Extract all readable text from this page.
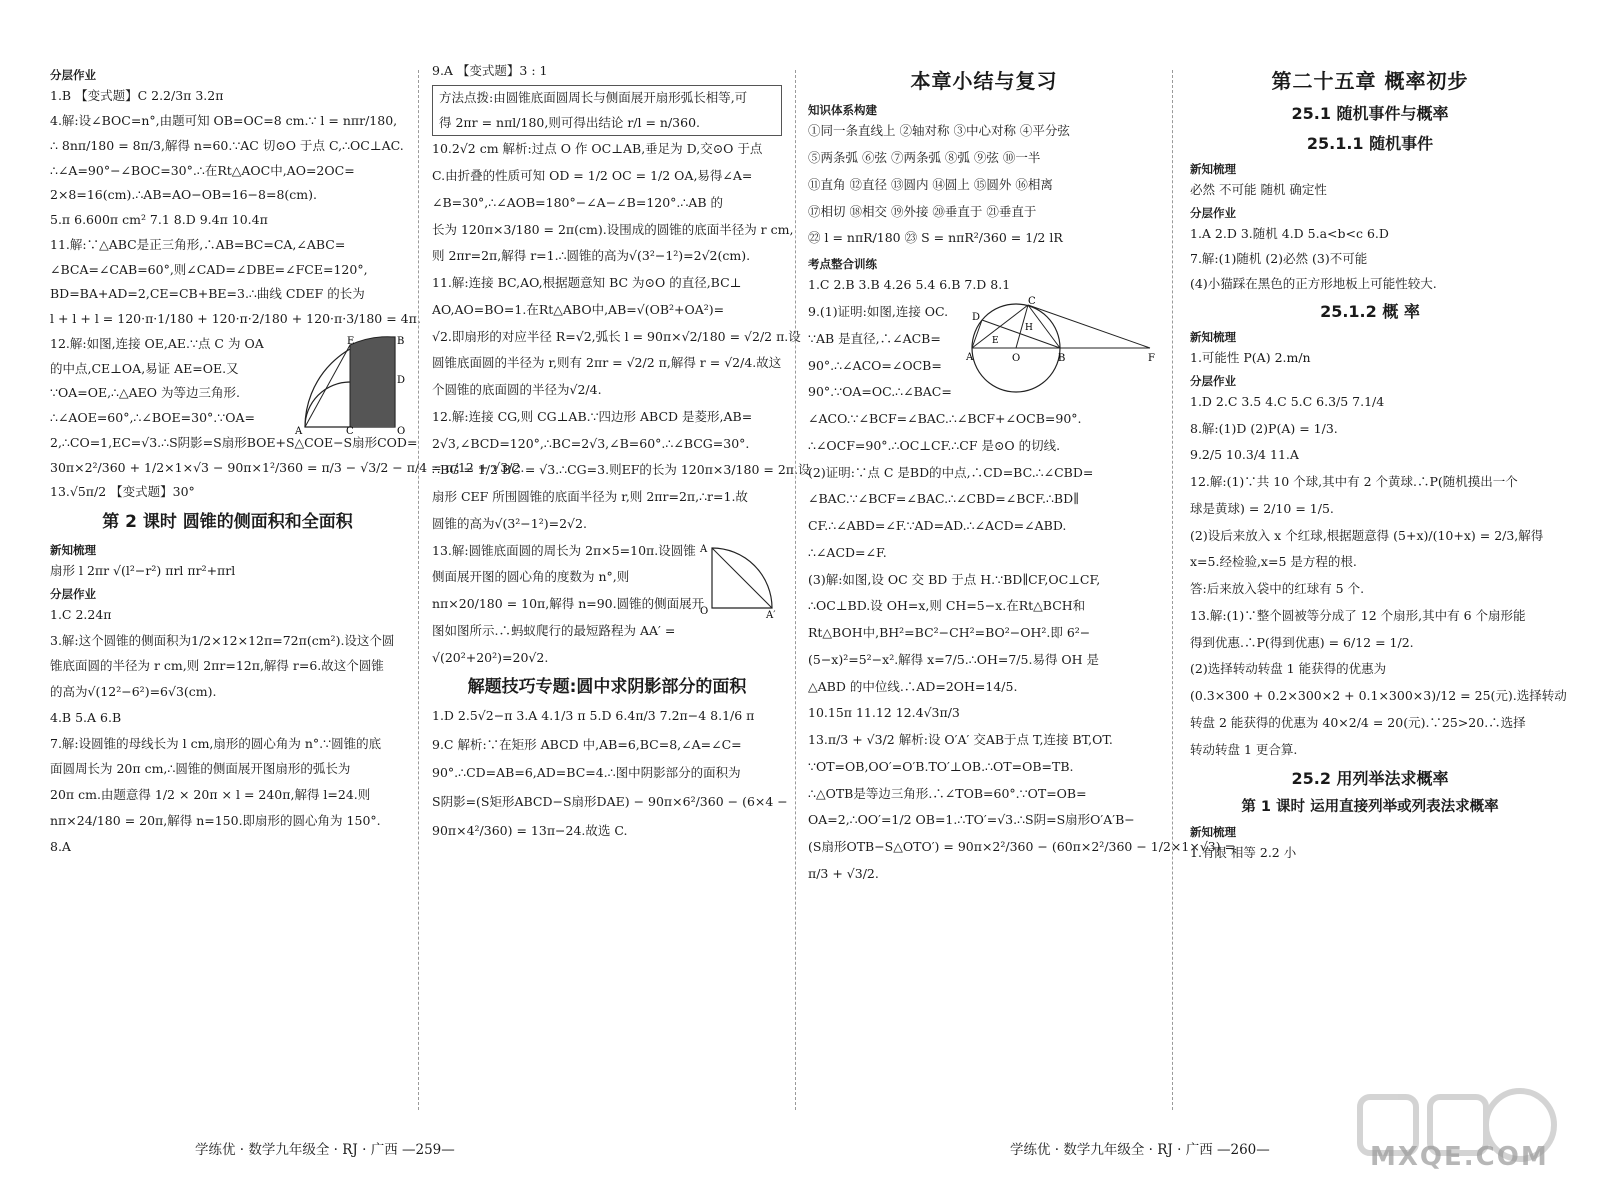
分层作业

1.B 【变式题】C 2.2/3π 3.2π

4.解:设∠BOC=n°,由题可知 OB=OC=8 cm.∵ l = nπr/180,

∴ 8nπ/180 = 8π/3,解得 n=60.∵AC 切⊙O 于点 C,∴OC⊥AC.

∴∠A=90°−∠BOC=30°.∴在Rt△AOC中,AO=2OC=

2×8=16(cm).∴AB=AO−OB=16−8=8(cm).

5.π 6.600π cm² 7.1 8.D 9.4π 10.4π

11.解:∵△ABC是正三角形,∴AB=BC=CA,∠ABC=

∠BCA=∠CAB=60°,则∠CAD=∠DBE=∠FCE=120°,

BD=BA+AD=2,CE=CB+BE=3.∴曲线 CDEF 的长为

l + l + l = 120·π·1/180 + 120·π·2/180 + 120·π·3/180 = 4π.

E	B
D
A	C	O

12.解:如图,连接 OE,AE.∵点 C 为 OA

的中点,CE⊥OA,易证 AE=OE.又

∵OA=OE,∴△AEO 为等边三角形.

∴∠AOE=60°,∴∠BOE=30°.∵OA=

2,∴CO=1,EC=√3.∴S阴影=S扇形BOE+S△COE−S扇形COD=

30π×2²/360 + 1/2×1×√3 − 90π×1²/360 = π/3 − √3/2 − π/4 = π/12 + √3/2.

13.√5π/2 【变式题】30°

第 2 课时 圆锥的侧面积和全面积
新知梳理

扇形 l 2πr √(l²−r²) πrl πr²+πrl

分层作业

1.C 2.24π

3.解:这个圆锥的侧面积为1/2×12×12π=72π(cm²).设这个圆

锥底面圆的半径为 r cm,则 2πr=12π,解得 r=6.故这个圆锥

的高为√(12²−6²)=6√3(cm).

4.B 5.A 6.B

7.解:设圆锥的母线长为 l cm,扇形的圆心角为 n°.∵圆锥的底

面圆周长为 20π cm,∴圆锥的侧面展开图扇形的弧长为

20π cm.由题意得 1/2 × 20π × l = 240π,解得 l=24.则

nπ×24/180 = 20π,解得 n=150.即扇形的圆心角为 150°.

8.A

9.A 【变式题】3 : 1

方法点拨:由圆锥底面圆周长与侧面展开扇形弧长相等,可

得 2πr = nπl/180,则可得出结论 r/l = n/360.

10.2√2 cm 解析:过点 O 作 OC⊥AB,垂足为 D,交⊙O 于点

C.由折叠的性质可知 OD = 1/2 OC = 1/2 OA,易得∠A=

∠B=30°,∴∠AOB=180°−∠A−∠B=120°.∴AB 的

长为 120π×3/180 = 2π(cm).设围成的圆锥的底面半径为 r cm,

则 2πr=2π,解得 r=1.∴圆锥的高为√(3²−1²)=2√2(cm).

11.解:连接 BC,AO,根据题意知 BC 为⊙O 的直径,BC⊥

AO,AO=BO=1.在Rt△ABO中,AB=√(OB²+OA²)=

√2.即扇形的对应半径 R=√2,弧长 l = 90π×√2/180 = √2/2 π.设

圆锥底面圆的半径为 r,则有 2πr = √2/2 π,解得 r = √2/4.故这

个圆锥的底面圆的半径为√2/4.

12.解:连接 CG,则 CG⊥AB.∵四边形 ABCD 是菱形,AB=

2√3,∠BCD=120°,∴BC=2√3,∠B=60°.∴∠BCG=30°.

∴BG = 1/2 BC = √3.∴CG=3.则EF的长为 120π×3/180 = 2π.设

扇形 CEF 所围圆锥的底面半径为 r,则 2πr=2π,∴r=1.故

圆锥的高为√(3²−1²)=2√2.

A
O	A′

13.解:圆锥底面圆的周长为 2π×5=10π.设圆锥

侧面展开图的圆心角的度数为 n°,则

nπ×20/180 = 10π,解得 n=90.圆锥的侧面展开

图如图所示.∴蚂蚁爬行的最短路程为 AA′ =

√(20²+20²)=20√2.

解题技巧专题:圆中求阴影部分的面积

1.D 2.5√2−π 3.A 4.1/3 π 5.D 6.4π/3 7.2π−4 8.1/6 π

9.C 解析:∵在矩形 ABCD 中,AB=6,BC=8,∠A=∠C=

90°.∴CD=AB=6,AD=BC=4.∴图中阴影部分的面积为

S阴影=(S矩形ABCD−S扇形DAE) − 90π×6²/360 − (6×4 −

90π×4²/360) = 13π−24.故选 C.

本章小结与复习
知识体系构建

①同一条直线上 ②轴对称 ③中心对称 ④平分弦

⑤两条弧 ⑥弦 ⑦两条弧 ⑧弧 ⑨弦 ⑩一半

⑪直角 ⑫直径 ⑬圆内 ⑭圆上 ⑮圆外 ⑯相离

⑰相切 ⑱相交 ⑲外接 ⑳垂直于 ㉑垂直于

㉒ l = nπR/180 ㉓ S = nπR²/360 = 1/2 lR

考点整合训练
C
D
H
A
E
O	B	F

1.C 2.B 3.B 4.26 5.4 6.B 7.D 8.1

9.(1)证明:如图,连接 OC.

∵AB 是直径,∴∠ACB=

90°.∴∠ACO=∠OCB=

90°.∵OA=OC.∴∠BAC=

∠ACO.∵∠BCF=∠BAC.∴∠BCF+∠OCB=90°.

∴∠OCF=90°.∴OC⊥CF.∴CF 是⊙O 的切线.

(2)证明:∵点 C 是BD的中点,∴CD=BC.∴∠CBD=

∠BAC.∵∠BCF=∠BAC.∴∠CBD=∠BCF.∴BD∥

CF.∴∠ABD=∠F.∵AD=AD.∴∠ACD=∠ABD.

∴∠ACD=∠F.

(3)解:如图,设 OC 交 BD 于点 H.∵BD∥CF,OC⊥CF,

∴OC⊥BD.设 OH=x,则 CH=5−x.在Rt△BCH和

Rt△BOH中,BH²=BC²−CH²=BO²−OH².即 6²−

(5−x)²=5²−x².解得 x=7/5.∴OH=7/5.易得 OH 是

△ABD 的中位线.∴AD=2OH=14/5.

10.15π 11.12 12.4√3π/3

13.π/3 + √3/2 解析:设 O′A′ 交AB于点 T,连接 BT,OT.

∵OT=OB,OO′=O′B.TO′⊥OB.∴OT=OB=TB.

∴△OTB是等边三角形.∴∠TOB=60°.∵OT=OB=

OA=2,∴OO′=1/2 OB=1.∴TO′=√3.∴S阴=S扇形O′A′B−

(S扇形OTB−S△OTO′) = 90π×2²/360 − (60π×2²/360 − 1/2×1×√3) =

π/3 + √3/2.

第二十五章 概率初步
25.1 随机事件与概率
25.1.1 随机事件
新知梳理

必然 不可能 随机 确定性

分层作业

1.A 2.D 3.随机 4.D 5.a<b<c 6.D

7.解:(1)随机 (2)必然 (3)不可能

(4)小猫踩在黑色的正方形地板上可能性较大.

25.1.2 概 率
新知梳理

1.可能性 P(A) 2.m/n

分层作业

1.D 2.C 3.5 4.C 5.C 6.3/5 7.1/4

8.解:(1)D (2)P(A) = 1/3.

9.2/5 10.3/4 11.A

12.解:(1)∵共 10 个球,其中有 2 个黄球.∴P(随机摸出一个

球是黄球) = 2/10 = 1/5.

(2)设后来放入 x 个红球,根据题意得 (5+x)/(10+x) = 2/3,解得

x=5.经检验,x=5 是方程的根.

答:后来放入袋中的红球有 5 个.

13.解:(1)∵整个圆被等分成了 12 个扇形,其中有 6 个扇形能

得到优惠.∴P(得到优惠) = 6/12 = 1/2.

(2)选择转动转盘 1 能获得的优惠为

(0.3×300 + 0.2×300×2 + 0.1×300×3)/12 = 25(元).选择转动

转盘 2 能获得的优惠为 40×2/4 = 20(元).∵25>20.∴选择

转动转盘 1 更合算.

25.2 用列举法求概率
第 1 课时 运用直接列举或列表法求概率
新知梳理

1.有限 相等 2.2 小

学练优 · 数学九年级全 · RJ · 广西 —259—	学练优 · 数学九年级全 · RJ · 广西 —260—	MXQE.COM
